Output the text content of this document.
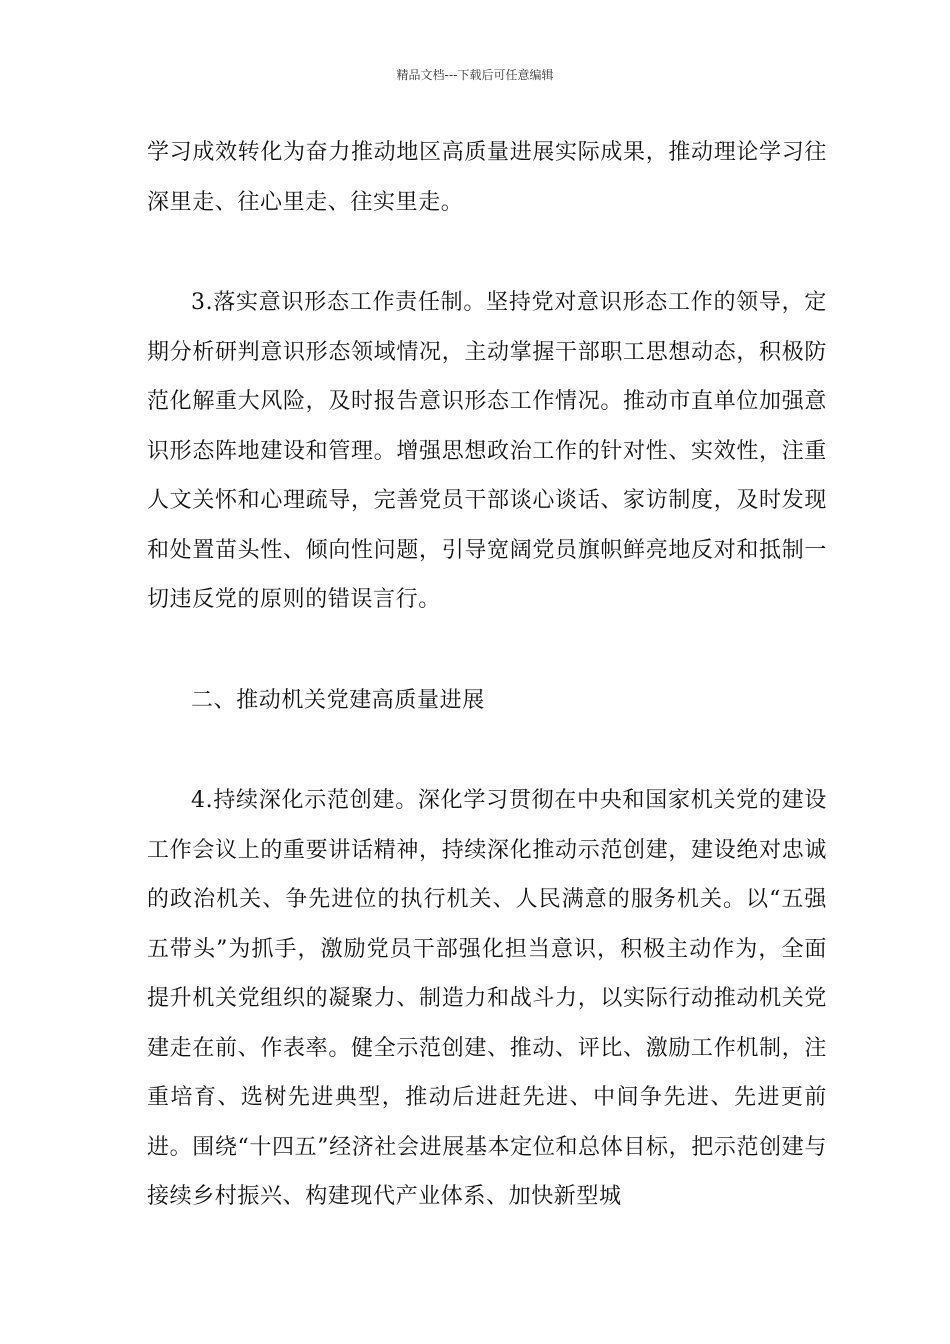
精品文档---下载后可任意编辑

学习成效转化为奋力推动地区高质量进展实际成果，推动理论学习往深里走、往心里走、往实里走。

3.落实意识形态工作责任制。坚持党对意识形态工作的领导，定期分析研判意识形态领域情况，主动掌握干部职工思想动态，积极防范化解重大风险，及时报告意识形态工作情况。推动市直单位加强意识形态阵地建设和管理。增强思想政治工作的针对性、实效性，注重人文关怀和心理疏导，完善党员干部谈心谈话、家访制度，及时发现和处置苗头性、倾向性问题，引导宽阔党员旗帜鲜亮地反对和抵制一切违反党的原则的错误言行。

二、推动机关党建高质量进展

4.持续深化示范创建。深化学习贯彻在中央和国家机关党的建设工作会议上的重要讲话精神，持续深化推动示范创建，建设绝对忠诚的政治机关、争先进位的执行机关、人民满意的服务机关。以“五强五带头”为抓手，激励党员干部强化担当意识，积极主动作为，全面提升机关党组织的凝聚力、制造力和战斗力，以实际行动推动机关党建走在前、作表率。健全示范创建、推动、评比、激励工作机制，注重培育、选树先进典型，推动后进赶先进、中间争先进、先进更前进。围绕“十四五”经济社会进展基本定位和总体目标，把示范创建与接续乡村振兴、构建现代产业体系、加快新型城
